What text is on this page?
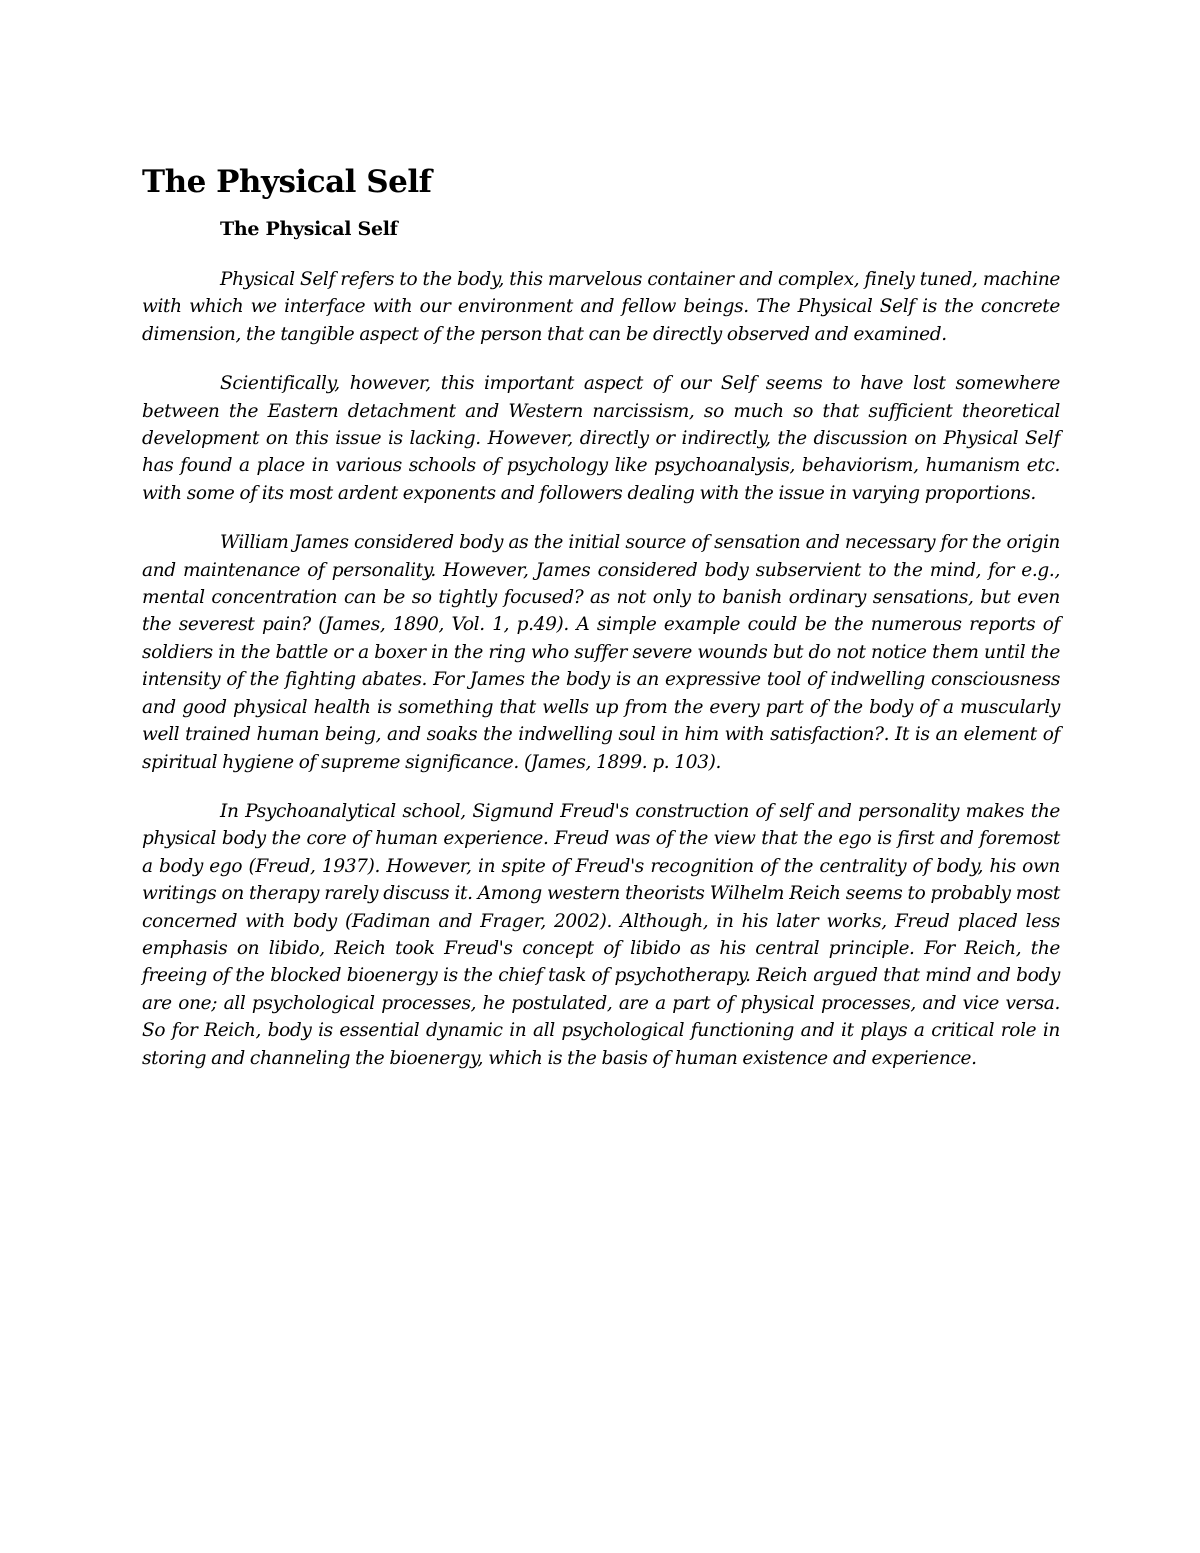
The Physical Self
The Physical Self

Physical Self refers to the body, this marvelous container and complex, finely tuned, machine with which we interface with our environment and fellow beings. The Physical Self is the concrete dimension, the tangible aspect of the person that can be directly observed and examined.

Scientifically, however, this important aspect of our Self seems to have lost somewhere between the Eastern detachment and Western narcissism, so much so that sufficient theoretical development on this issue is lacking. However, directly or indirectly, the discussion on Physical Self has found a place in various schools of psychology like psychoanalysis, behaviorism, humanism etc. with some of its most ardent exponents and followers dealing with the issue in varying proportions.

William James considered body as the initial source of sensation and necessary for the origin and maintenance of personality. However, James considered body subservient to the mind, for e.g., mental concentration can be so tightly focused? as not only to banish ordinary sensations, but even the severest pain? (James, 1890, Vol. 1, p.49). A simple example could be the numerous reports of soldiers in the battle or a boxer in the ring who suffer severe wounds but do not notice them until the intensity of the fighting abates. For James the body is an expressive tool of indwelling consciousness and good physical health is something that wells up from the every part of the body of a muscularly well trained human being, and soaks the indwelling soul in him with satisfaction?. It is an element of spiritual hygiene of supreme significance. (James, 1899. p. 103).

In Psychoanalytical school, Sigmund Freud's construction of self and personality makes the physical body the core of human experience. Freud was of the view that the ego is first and foremost a body ego (Freud, 1937). However, in spite of Freud's recognition of the centrality of body, his own writings on therapy rarely discuss it. Among western theorists Wilhelm Reich seems to probably most concerned with body (Fadiman and Frager, 2002). Although, in his later works, Freud placed less emphasis on libido, Reich took Freud's concept of libido as his central principle. For Reich, the freeing of the blocked bioenergy is the chief task of psychotherapy. Reich argued that mind and body are one; all psychological processes, he postulated, are a part of physical processes, and vice versa. So for Reich, body is essential dynamic in all psychological functioning and it plays a critical role in storing and channeling the bioenergy, which is the basis of human existence and experience.
